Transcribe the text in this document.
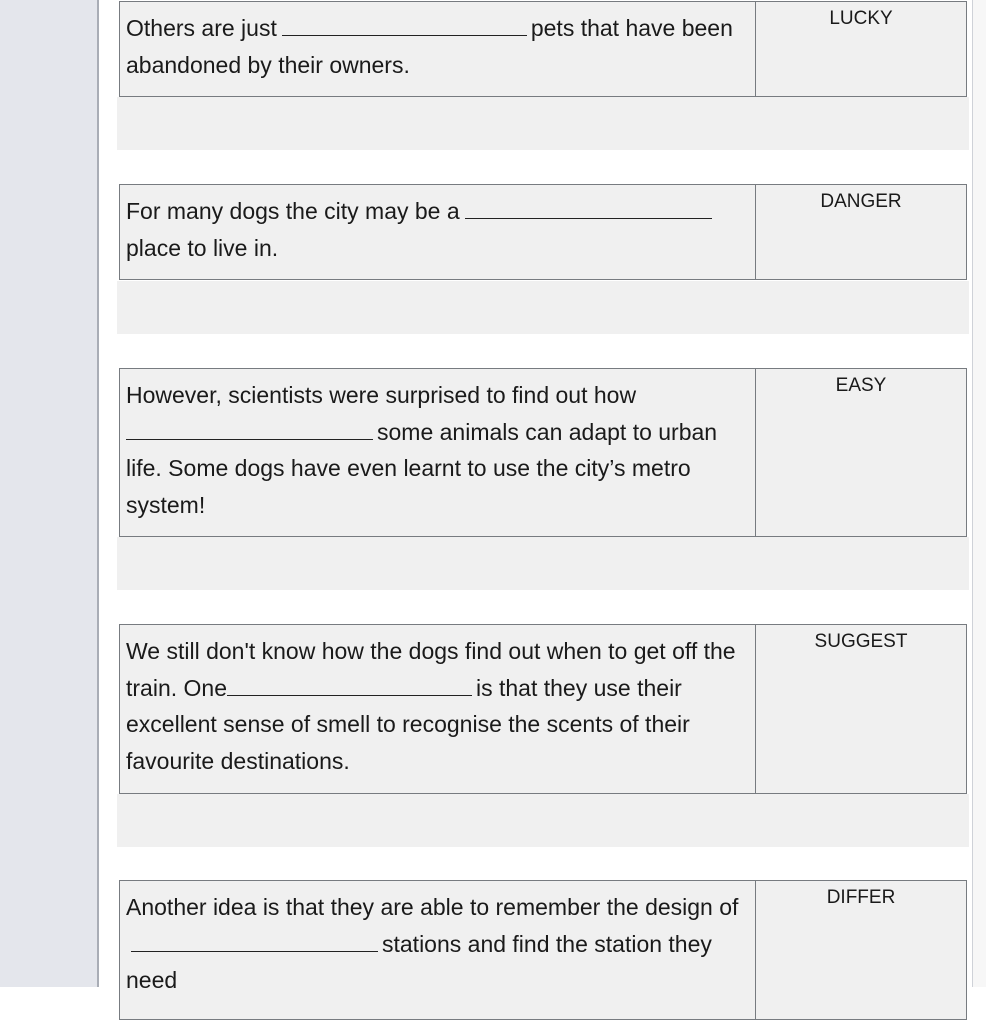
Others are just	pets that have been abandoned by their owners.
LUCKY
For many dogs the city may be aplace to live in.
DANGER
However, scientists were surprised to find out how some animals can adapt to urban life. Some dogs have even learnt to use the city’s metro system!
EASY
We still don't know how the dogs find out when to get off the train. One	is that they use their excellent sense of smell to recognise the scents of their favourite destinations.
SUGGEST
Another idea is that they are able to remember the design ofstations and find the station they need
DIFFER
